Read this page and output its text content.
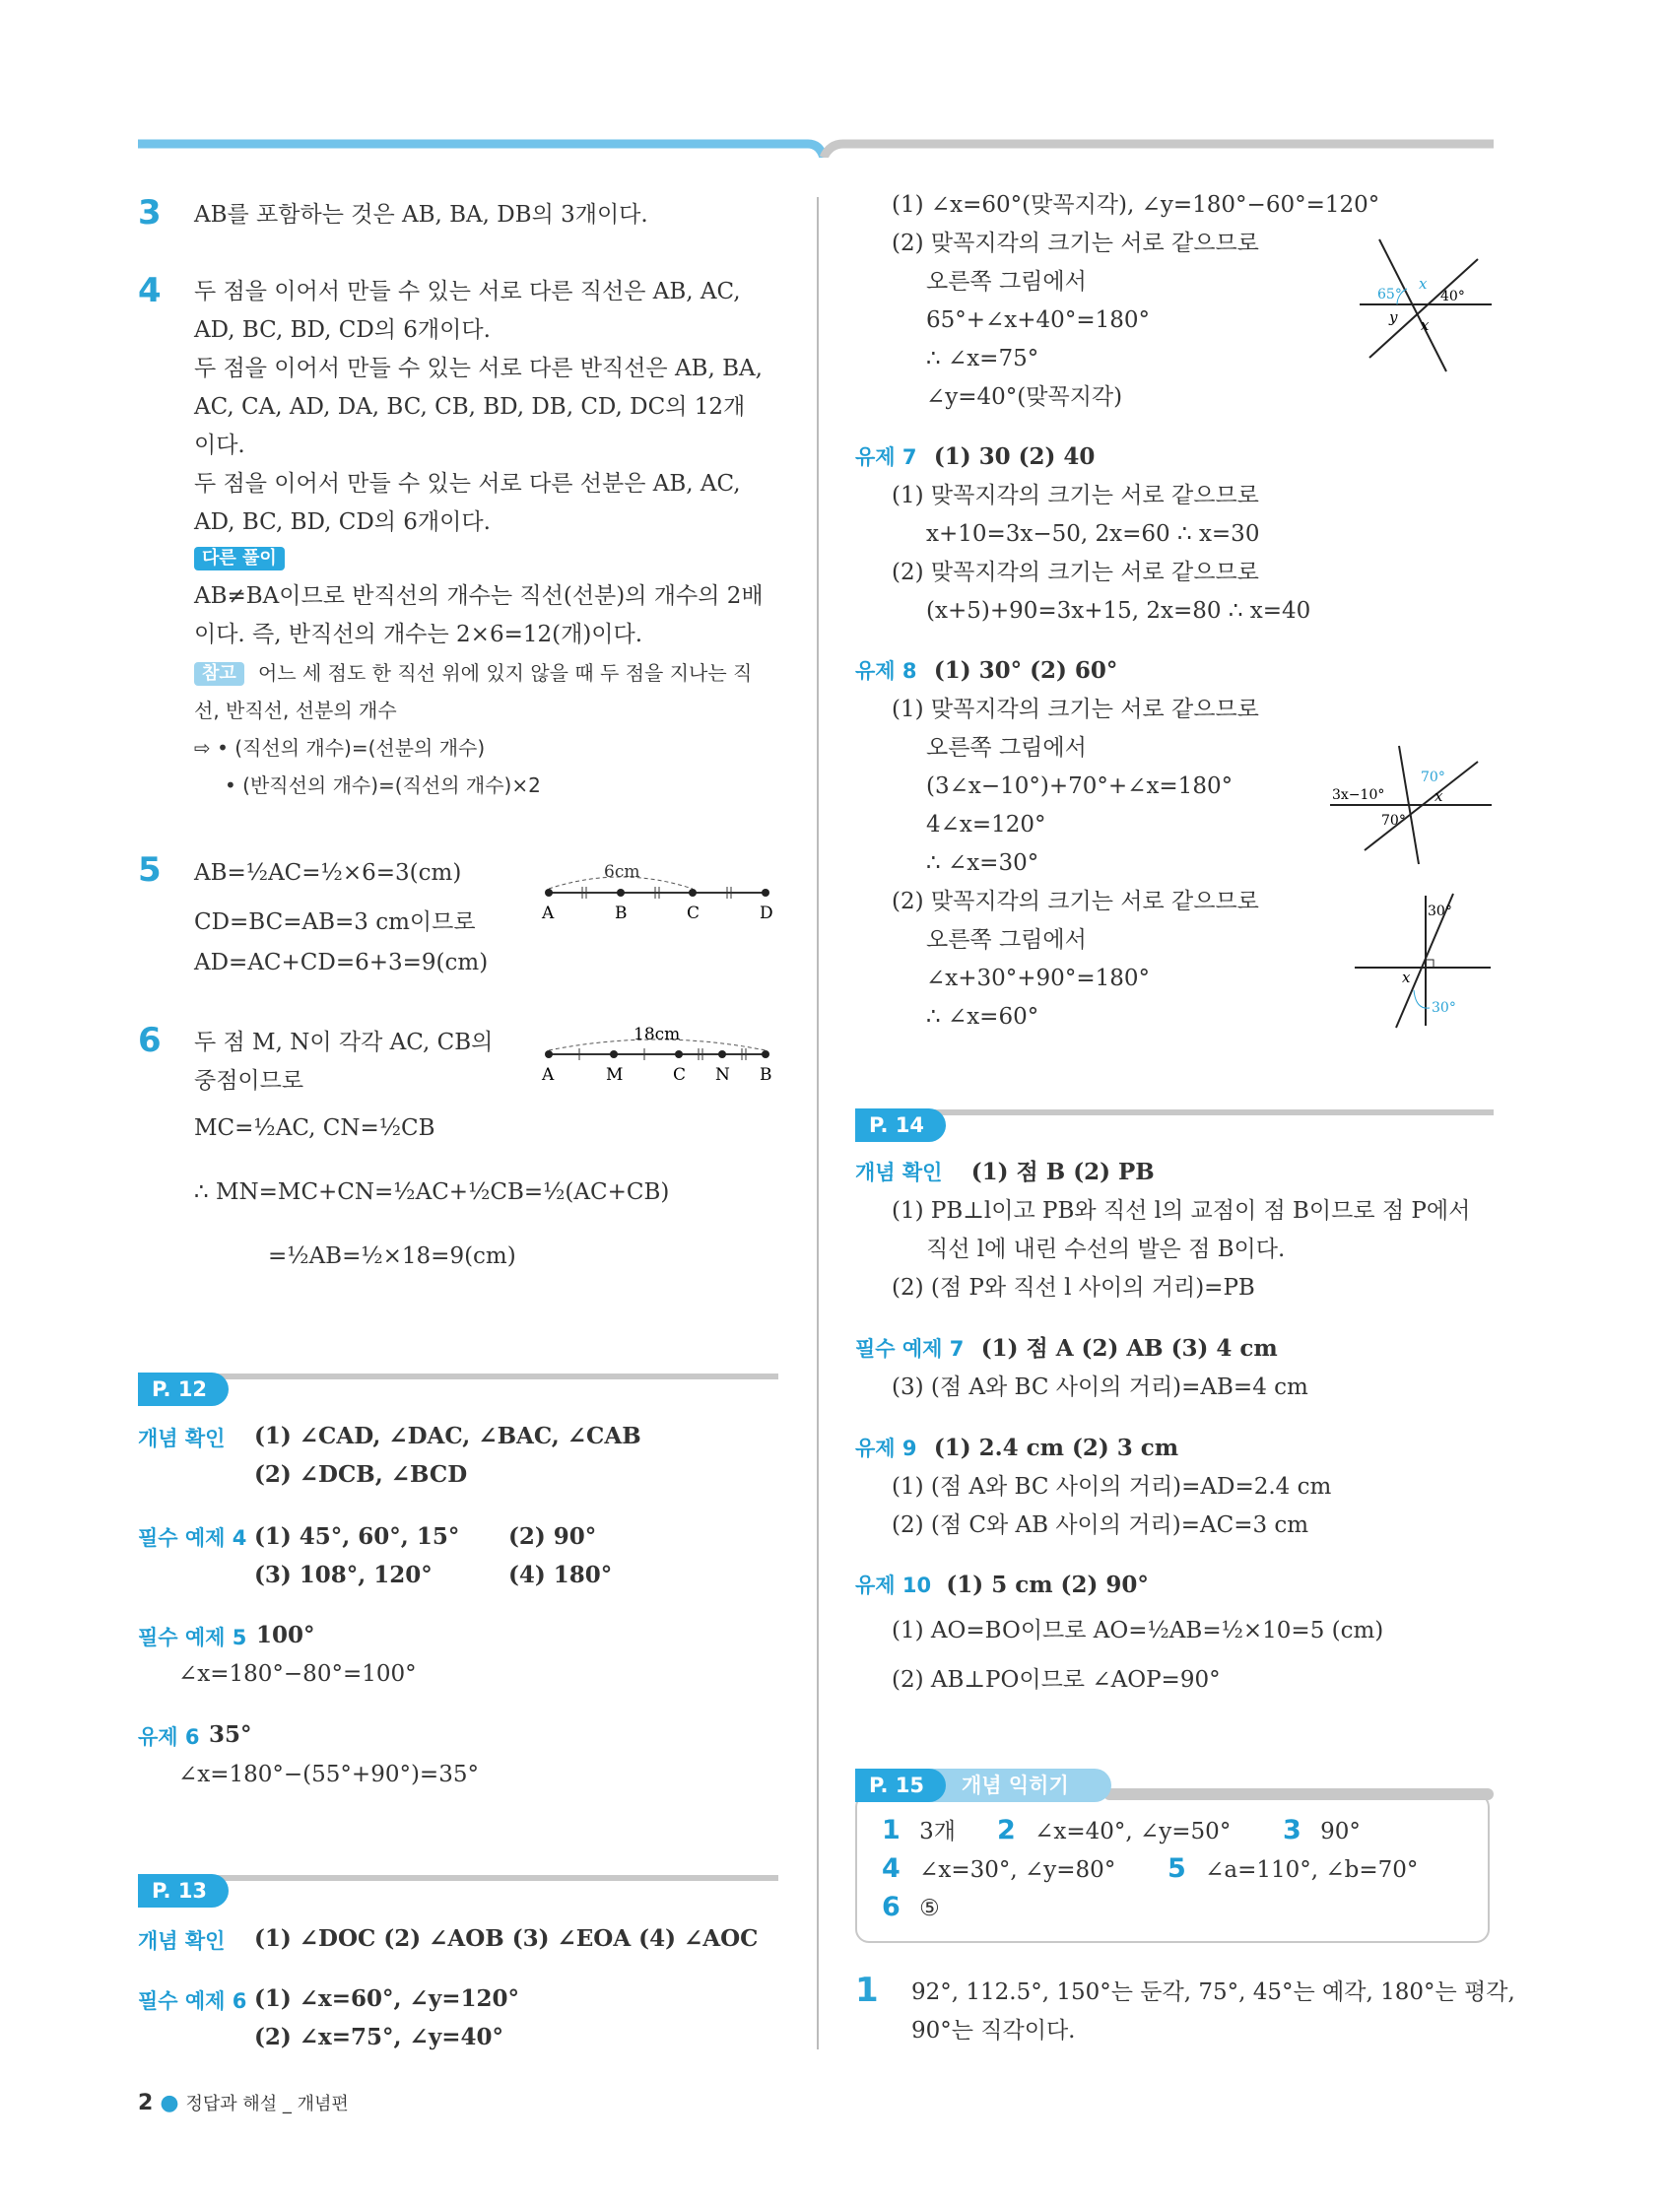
3 AB를 포함하는 것은 AB, BA, DB의 3개이다.
4 두 점을 이어서 만들 수 있는 서로 다른 직선은 AB, AC,
AD, BC, BD, CD의 6개이다.
두 점을 이어서 만들 수 있는 서로 다른 반직선은 AB, BA,
AC, CA, AD, DA, BC, CB, BD, DB, CD, DC의 12개
이다.
두 점을 이어서 만들 수 있는 서로 다른 선분은 AB, AC,
AD, BC, BD, CD의 6개이다.
다른 풀이
AB≠BA이므로 반직선의 개수는 직선(선분)의 개수의 2배
이다. 즉, 반직선의 개수는 2×6=12(개)이다.
참고	어느 세 점도 한 직선 위에 있지 않을 때 두 점을 지나는 직
선, 반직선, 선분의 개수
⇨ • (직선의 개수)=(선분의 개수)
• (반직선의 개수)=(직선의 개수)×2
5 AB=½AC=½×6=3(cm)
CD=BC=AB=3 cm이므로
AD=AC+CD=6+3=9(cm)
6cm
A	B	C	D
6 두 점 M, N이 각각 AC, CB의
중점이므로
MC=½AC, CN=½CB
∴ MN=MC+CN=½AC+½CB=½(AC+CB)
=½AB=½×18=9(cm)
18cm
A	M	C N B
P. 12
개념 확인 (1) ∠CAD, ∠DAC, ∠BAC, ∠CAB
(2) ∠DCB, ∠BCD
필수 예제 4 (1) 45°, 60°, 15° (2) 90°
(3) 108°, 120°	(4) 180°
필수 예제 5 100°
∠x=180°−80°=100°
유제 6 35°
∠x=180°−(55°+90°)=35°
P. 13
개념 확인 (1) ∠DOC (2) ∠AOB (3) ∠EOA (4) ∠AOC
필수 예제 6 (1) ∠x=60°, ∠y=120°
(2) ∠x=75°, ∠y=40°
(1) ∠x=60°(맞꼭지각), ∠y=180°−60°=120°
(2) 맞꼭지각의 크기는 서로 같으므로
오른쪽 그림에서
65°+∠x+40°=180°
∴ ∠x=75°
∠y=40°(맞꼭지각)
65°
x
40°
y x
유제 7 (1) 30 (2) 40
(1) 맞꼭지각의 크기는 서로 같으므로
x+10=3x−50, 2x=60 ∴ x=30
(2) 맞꼭지각의 크기는 서로 같으므로
(x+5)+90=3x+15, 2x=80 ∴ x=40
유제 8 (1) 30° (2) 60°
(1) 맞꼭지각의 크기는 서로 같으므로
오른쪽 그림에서
(3∠x−10°)+70°+∠x=180°
4∠x=120°
∴ ∠x=30°
(2) 맞꼭지각의 크기는 서로 같으므로
오른쪽 그림에서
∠x+30°+90°=180°
∴ ∠x=60°
3x−10°
70°
x
70°
30°
x
30°
P. 14
개념 확인 (1) 점 B (2) PB
(1) PB⊥l이고 PB와 직선 l의 교점이 점 B이므로 점 P에서
직선 l에 내린 수선의 발은 점 B이다.
(2) (점 P와 직선 l 사이의 거리)=PB
필수 예제 7 (1) 점 A (2) AB (3) 4 cm
(3) (점 A와 BC 사이의 거리)=AB=4 cm
유제 9 (1) 2.4 cm (2) 3 cm
(1) (점 A와 BC 사이의 거리)=AD=2.4 cm
(2) (점 C와 AB 사이의 거리)=AC=3 cm
유제 10 (1) 5 cm (2) 90°
(1) AO=BO이므로 AO=½AB=½×10=5 (cm)
(2) AB⊥PO이므로 ∠AOP=90°
P. 15	개념 익히기
1 3개 2 ∠x=40°, ∠y=50° 3 90°
4 ∠x=30°, ∠y=80° 5 ∠a=110°, ∠b=70°
6 ⑤
1 92°, 112.5°, 150°는 둔각, 75°, 45°는 예각, 180°는 평각,
90°는 직각이다.
2 ● 정답과 해설 _ 개념편
